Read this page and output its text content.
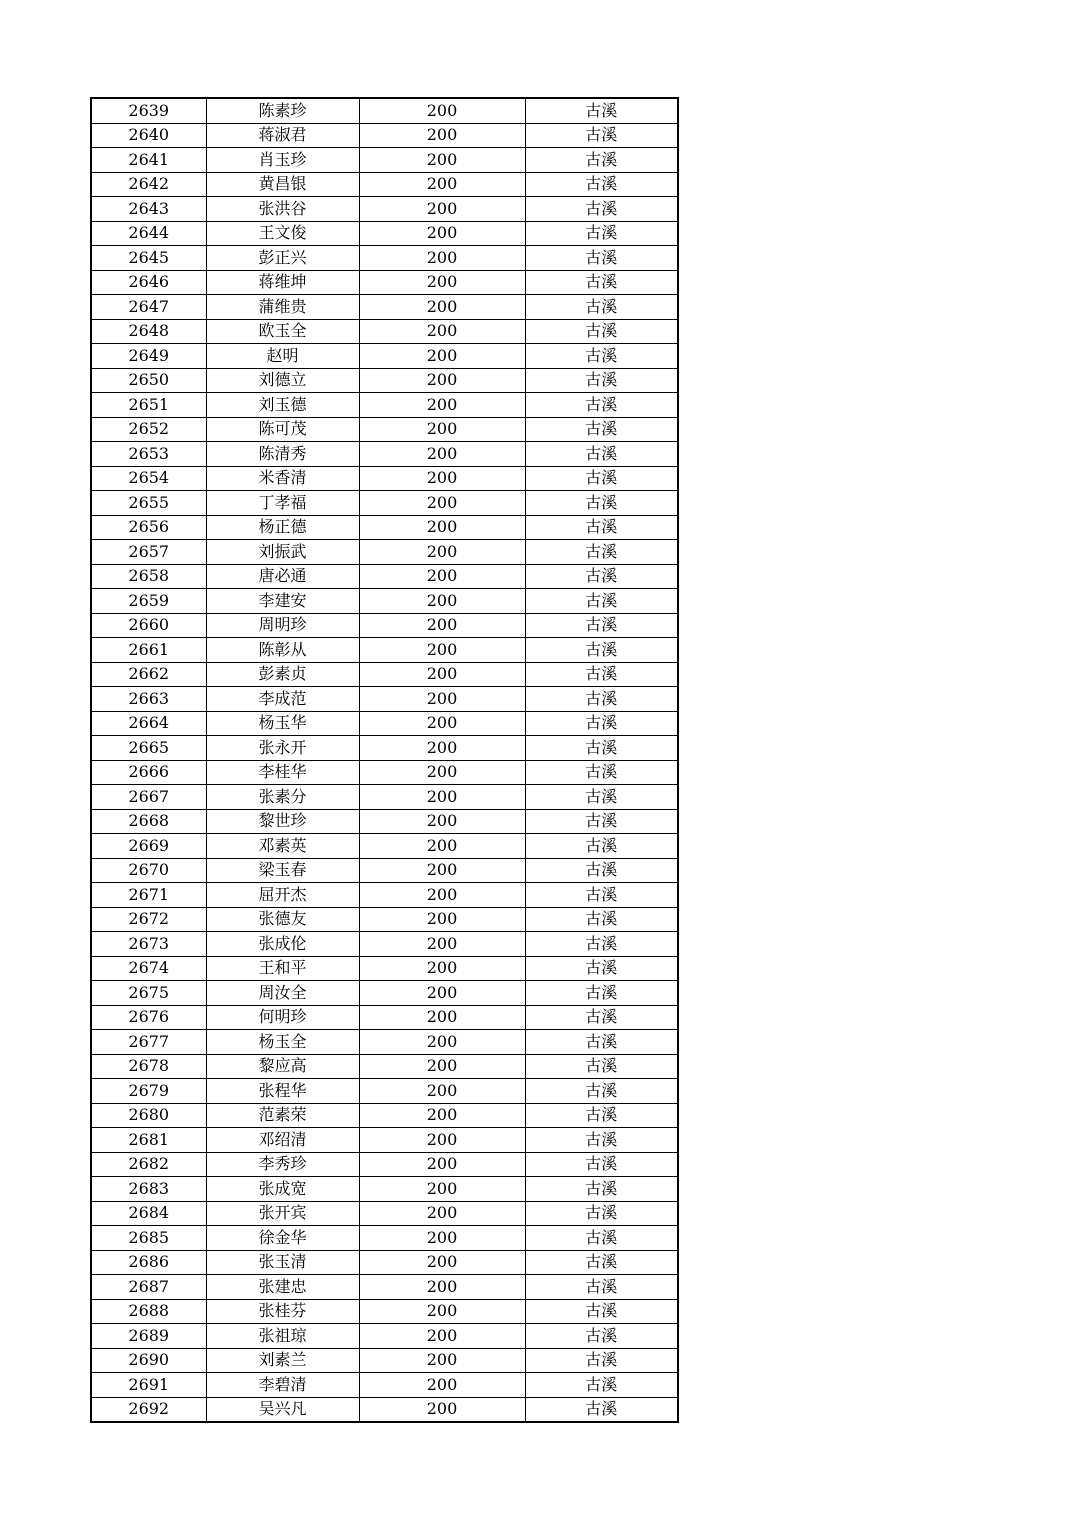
2639	陈素珍	200	古溪
2640	蒋淑君	200	古溪
2641	肖玉珍	200	古溪
2642	黄昌银	200	古溪
2643	张洪谷	200	古溪
2644	王文俊	200	古溪
2645	彭正兴	200	古溪
2646	蒋维坤	200	古溪
2647	蒲维贵	200	古溪
2648	欧玉全	200	古溪
2649	赵明	200	古溪
2650	刘德立	200	古溪
2651	刘玉德	200	古溪
2652	陈可茂	200	古溪
2653	陈清秀	200	古溪
2654	米香清	200	古溪
2655	丁孝福	200	古溪
2656	杨正德	200	古溪
2657	刘振武	200	古溪
2658	唐必通	200	古溪
2659	李建安	200	古溪
2660	周明珍	200	古溪
2661	陈彰从	200	古溪
2662	彭素贞	200	古溪
2663	李成范	200	古溪
2664	杨玉华	200	古溪
2665	张永开	200	古溪
2666	李桂华	200	古溪
2667	张素分	200	古溪
2668	黎世珍	200	古溪
2669	邓素英	200	古溪
2670	梁玉春	200	古溪
2671	屈开杰	200	古溪
2672	张德友	200	古溪
2673	张成伦	200	古溪
2674	王和平	200	古溪
2675	周汝全	200	古溪
2676	何明珍	200	古溪
2677	杨玉全	200	古溪
2678	黎应高	200	古溪
2679	张程华	200	古溪
2680	范素荣	200	古溪
2681	邓绍清	200	古溪
2682	李秀珍	200	古溪
2683	张成宽	200	古溪
2684	张开宾	200	古溪
2685	徐金华	200	古溪
2686	张玉清	200	古溪
2687	张建忠	200	古溪
2688	张桂芬	200	古溪
2689	张祖琼	200	古溪
2690	刘素兰	200	古溪
2691	李碧清	200	古溪
2692	吴兴凡	200	古溪
